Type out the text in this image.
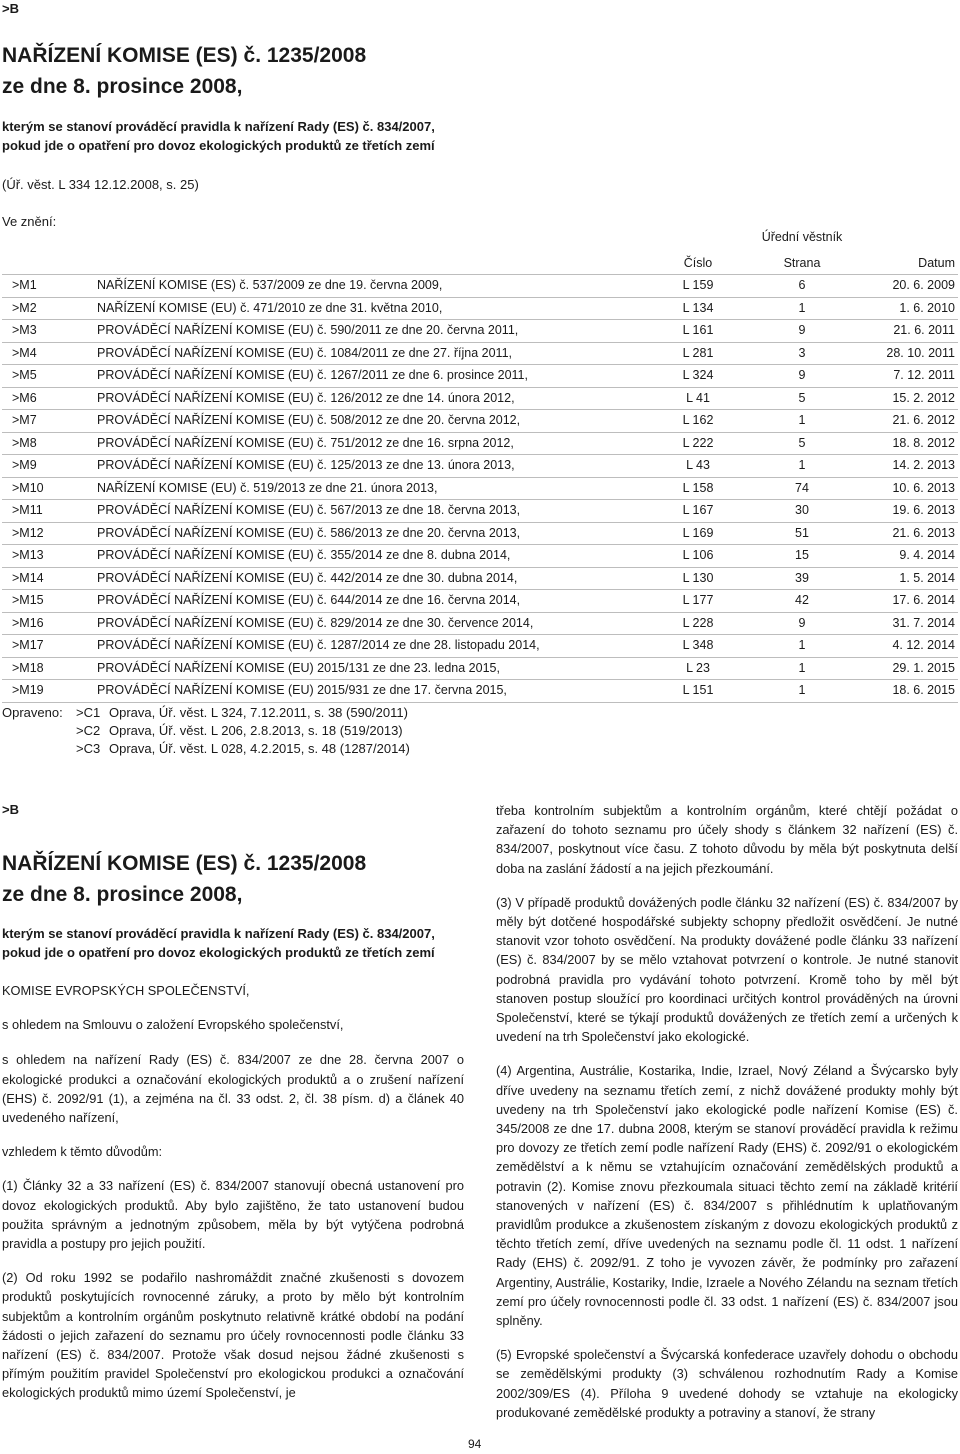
>B
NAŘÍZENÍ KOMISE (ES) č. 1235/2008
ze dne 8. prosince 2008,
kterým se stanoví prováděcí pravidla k nařízení Rady (ES) č. 834/2007,
pokud jde o opatření pro dovoz ekologických produktů ze třetích zemí
(Úř. věst. L 334 12.12.2008, s. 25)
Ve znění:
Úřední věstník
Číslo	Strana	Datum
>M1	NAŘÍZENÍ KOMISE (ES) č. 537/2009 ze dne 19. června 2009,	L 159	6	20. 6. 2009
>M2	NAŘÍZENÍ KOMISE (EU) č. 471/2010 ze dne 31. května 2010,	L 134	1	1. 6. 2010
>M3	PROVÁDĚCÍ NAŘÍZENÍ KOMISE (EU) č. 590/2011 ze dne 20. června 2011,	L 161	9	21. 6. 2011
>M4	PROVÁDĚCÍ NAŘÍZENÍ KOMISE (EU) č. 1084/2011 ze dne 27. října 2011,	L 281	3	28. 10. 2011
>M5	PROVÁDĚCÍ NAŘÍZENÍ KOMISE (EU) č. 1267/2011 ze dne 6. prosince 2011,	L 324	9	7. 12. 2011
>M6	PROVÁDĚCÍ NAŘÍZENÍ KOMISE (EU) č. 126/2012 ze dne 14. února 2012,	L 41	5	15. 2. 2012
>M7	PROVÁDĚCÍ NAŘÍZENÍ KOMISE (EU) č. 508/2012 ze dne 20. června 2012,	L 162	1	21. 6. 2012
>M8	PROVÁDĚCÍ NAŘÍZENÍ KOMISE (EU) č. 751/2012 ze dne 16. srpna 2012,	L 222	5	18. 8. 2012
>M9	PROVÁDĚCÍ NAŘÍZENÍ KOMISE (EU) č. 125/2013 ze dne 13. února 2013,	L 43	1	14. 2. 2013
>M10	NAŘÍZENÍ KOMISE (EU) č. 519/2013 ze dne 21. února 2013,	L 158	74	10. 6. 2013
>M11	PROVÁDĚCÍ NAŘÍZENÍ KOMISE (EU) č. 567/2013 ze dne 18. června 2013,	L 167	30	19. 6. 2013
>M12	PROVÁDĚCÍ NAŘÍZENÍ KOMISE (EU) č. 586/2013 ze dne 20. června 2013,	L 169	51	21. 6. 2013
>M13	PROVÁDĚCÍ NAŘÍZENÍ KOMISE (EU) č. 355/2014 ze dne 8. dubna 2014,	L 106	15	9. 4. 2014
>M14	PROVÁDĚCÍ NAŘÍZENÍ KOMISE (EU) č. 442/2014 ze dne 30. dubna 2014,	L 130	39	1. 5. 2014
>M15	PROVÁDĚCÍ NAŘÍZENÍ KOMISE (EU) č. 644/2014 ze dne 16. června 2014,	L 177	42	17. 6. 2014
>M16	PROVÁDĚCÍ NAŘÍZENÍ KOMISE (EU) č. 829/2014 ze dne 30. července 2014,	L 228	9	31. 7. 2014
>M17	PROVÁDĚCÍ NAŘÍZENÍ KOMISE (EU) č. 1287/2014 ze dne 28. listopadu 2014,	L 348	1	4. 12. 2014
>M18	PROVÁDĚCÍ NAŘÍZENÍ KOMISE (EU) 2015/131 ze dne 23. ledna 2015,	L 23	1	29. 1. 2015
>M19	PROVÁDĚCÍ NAŘÍZENÍ KOMISE (EU) 2015/931 ze dne 17. června 2015,	L 151	1	18. 6. 2015
Opraveno: >C1 Oprava, Úř. věst. L 324, 7.12.2011, s. 38 (590/2011)
>C2 Oprava, Úř. věst. L 206, 2.8.2013, s. 18 (519/2013)
>C3 Oprava, Úř. věst. L 028, 4.2.2015, s. 48 (1287/2014)
>B
NAŘÍZENÍ KOMISE (ES) č. 1235/2008
ze dne 8. prosince 2008,
kterým se stanoví prováděcí pravidla k nařízení Rady (ES) č. 834/2007,
pokud jde o opatření pro dovoz ekologických produktů ze třetích zemí

KOMISE EVROPSKÝCH SPOLEČENSTVÍ,

s ohledem na Smlouvu o založení Evropského společenství,

s ohledem na nařízení Rady (ES) č. 834/2007 ze dne 28. června 2007 o ekologické produkci a označování ekologických produktů a o zrušení nařízení (EHS) č. 2092/91 (1), a zejména na čl. 33 odst. 2, čl. 38 písm. d) a článek 40 uvedeného nařízení,

vzhledem k těmto důvodům:

(1) Články 32 a 33 nařízení (ES) č. 834/2007 stanovují obecná ustanovení pro dovoz ekologických produktů. Aby bylo zajištěno, že tato ustanovení budou použita správným a jednotným způsobem, měla by být vytýčena podrobná pravidla a postupy pro jejich použití.

(2) Od roku 1992 se podařilo nashromáždit značné zkušenosti s dovozem produktů poskytujících rovnocenné záruky, a proto by mělo být kontrolním subjektům a kontrolním orgánům poskytnuto relativně krátké období na podání žádosti o jejich zařazení do seznamu pro účely rovnocennosti podle článku 33 nařízení (ES) č. 834/2007. Protože však dosud nejsou žádné zkušenosti s přímým použitím pravidel Společenství pro ekologickou produkci a označování ekologických produktů mimo území Společenství, je

třeba kontrolním subjektům a kontrolním orgánům, které chtějí požádat o zařazení do tohoto seznamu pro účely shody s článkem 32 nařízení (ES) č. 834/2007, poskytnout více času. Z tohoto důvodu by měla být poskytnuta delší doba na zaslání žádostí a na jejich přezkoumání.

(3) V případě produktů dovážených podle článku 32 nařízení (ES) č. 834/2007 by měly být dotčené hospodářské subjekty schopny předložit osvědčení. Je nutné stanovit vzor tohoto osvědčení. Na produkty dovážené podle článku 33 nařízení (ES) č. 834/2007 by se mělo vztahovat potvrzení o kontrole. Je nutné stanovit podrobná pravidla pro vydávání tohoto potvrzení. Kromě toho by měl být stanoven postup sloužící pro koordinaci určitých kontrol prováděných na úrovni Společenství, které se týkají produktů dovážených ze třetích zemí a určených k uvedení na trh Společenství jako ekologické.

(4) Argentina, Austrálie, Kostarika, Indie, Izrael, Nový Zéland a Švýcarsko byly dříve uvedeny na seznamu třetích zemí, z nichž dovážené produkty mohly být uvedeny na trh Společenství jako ekologické podle nařízení Komise (ES) č. 345/2008 ze dne 17. dubna 2008, kterým se stanoví prováděcí pravidla k režimu pro dovozy ze třetích zemí podle nařízení Rady (EHS) č. 2092/91 o ekologickém zemědělství a k němu se vztahujícím označování zemědělských produktů a potravin (2). Komise znovu přezkoumala situaci těchto zemí na základě kritérií stanovených v nařízení (ES) č. 834/2007 s přihlédnutím k uplatňovaným pravidlům produkce a zkušenostem získaným z dovozu ekologických produktů z těchto třetích zemí, dříve uvedených na seznamu podle čl. 11 odst. 1 nařízení Rady (EHS) č. 2092/91. Z toho je vyvozen závěr, že podmínky pro zařazení Argentiny, Austrálie, Kostariky, Indie, Izraele a Nového Zélandu na seznam třetích zemí pro účely rovnocennosti podle čl. 33 odst. 1 nařízení (ES) č. 834/2007 jsou splněny.

(5) Evropské společenství a Švýcarská konfederace uzavřely dohodu o obchodu se zemědělskými produkty (3) schválenou rozhodnutím Rady a Komise 2002/309/ES (4). Příloha 9 uvedené dohody se vztahuje na ekologicky produkované zemědělské produkty a potraviny a stanoví, že strany

94
